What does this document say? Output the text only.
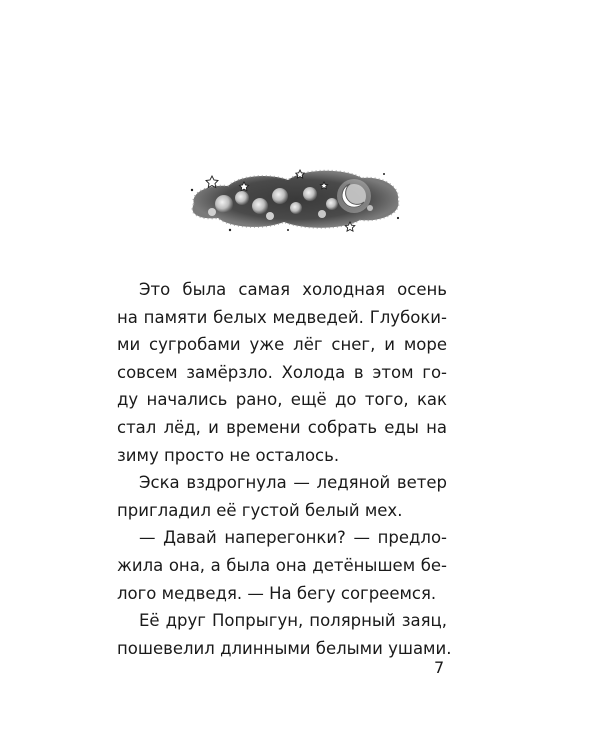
Это была самая холодная осень
на памяти белых медведей. Глубоки-
ми сугробами уже лёг снег, и море
совсем замёрзло. Холода в этом го-
ду начались рано, ещё до того, как
стал лёд, и времени собрать еды на
зиму просто не осталось.
Эска вздрогнула — ледяной ветер
пригладил её густой белый мех.
— Давай наперегонки? — предло-
жила она, а была она детёнышем бе-
лого медведя. — На бегу согреемся.
Её друг Попрыгун, полярный заяц,
пошевелил длинными белыми ушами.
7
